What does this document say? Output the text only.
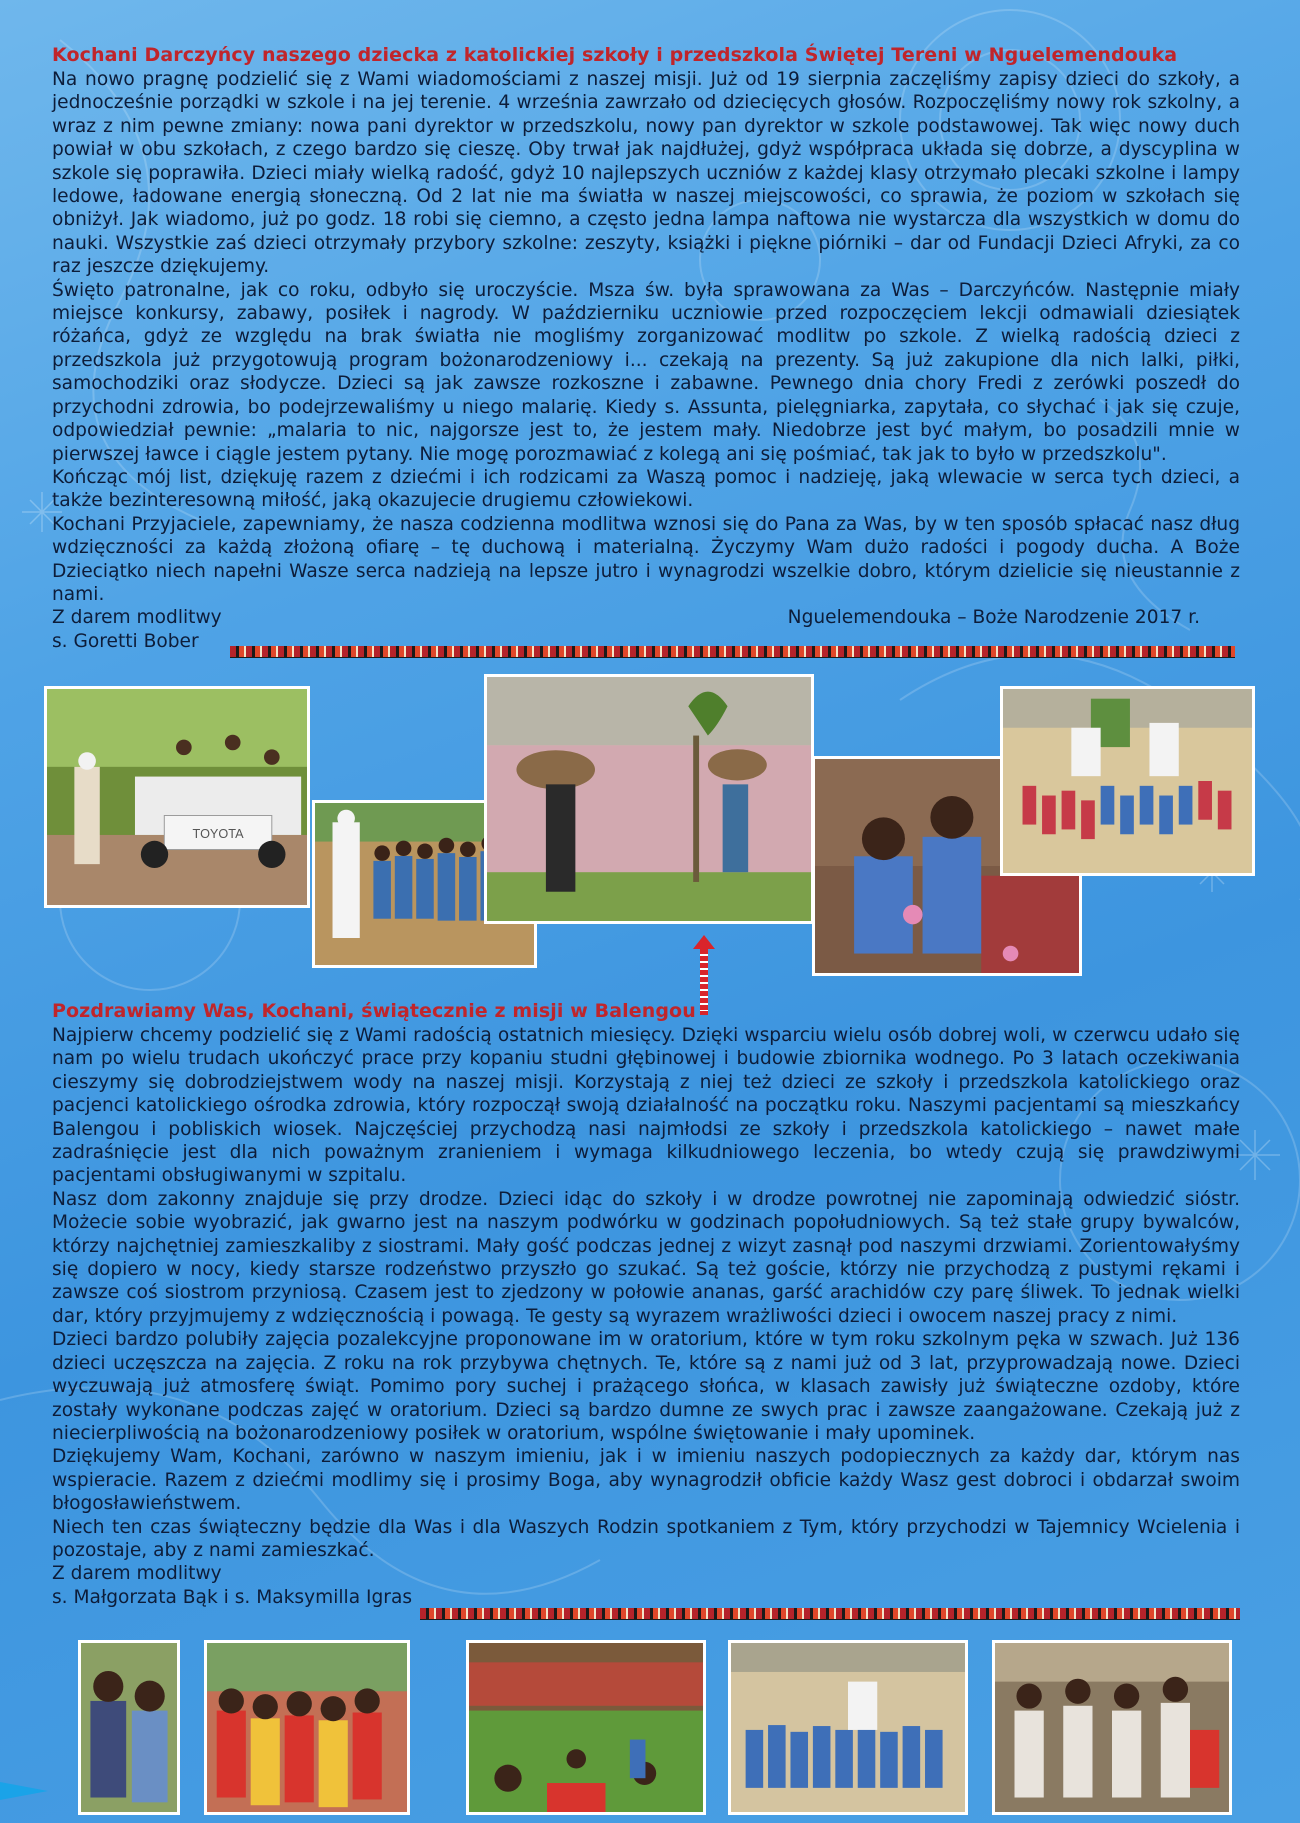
Kochani Darczyńcy naszego dziecka z katolickiej szkoły i przedszkola Świętej Tereni w Nguelemendouka

Na nowo pragnę podzielić się z Wami wiadomościami z naszej misji. Już od 19 sierpnia zaczęliśmy zapisy dzieci do szkoły, a jednocześnie porządki w szkole i na jej terenie. 4 września zawrzało od dziecięcych głosów. Rozpoczęliśmy nowy rok szkolny, a wraz z nim pewne zmiany: nowa pani dyrektor w przedszkolu, nowy pan dyrektor w szkole podstawowej. Tak więc nowy duch powiał w obu szkołach, z czego bardzo się cieszę. Oby trwał jak najdłużej, gdyż współpraca układa się dobrze, a dyscyplina w szkole się poprawiła. Dzieci miały wielką radość, gdyż 10 najlepszych uczniów z każdej klasy otrzymało plecaki szkolne i lampy ledowe, ładowane energią słoneczną. Od 2 lat nie ma światła w naszej miejscowości, co sprawia, że poziom w szkołach się obniżył. Jak wiadomo, już po godz. 18 robi się ciemno, a często jedna lampa naftowa nie wystarcza dla wszystkich w domu do nauki. Wszystkie zaś dzieci otrzymały przybory szkolne: zeszyty, książki i piękne piórniki – dar od Fundacji Dzieci Afryki, za co raz jeszcze dziękujemy.

Święto patronalne, jak co roku, odbyło się uroczyście. Msza św. była sprawowana za Was – Darczyńców. Następnie miały miejsce konkursy, zabawy, posiłek i nagrody. W październiku uczniowie przed rozpoczęciem lekcji odmawiali dziesiątek różańca, gdyż ze względu na brak światła nie mogliśmy zorganizować modlitw po szkole. Z wielką radością dzieci z przedszkola już przygotowują program bożonarodzeniowy i... czekają na prezenty. Są już zakupione dla nich lalki, piłki, samochodziki oraz słodycze. Dzieci są jak zawsze rozkoszne i zabawne. Pewnego dnia chory Fredi z zerówki poszedł do przychodni zdrowia, bo podejrzewaliśmy u niego malarię. Kiedy s. Assunta, pielęgniarka, zapytała, co słychać i jak się czuje, odpowiedział pewnie: „malaria to nic, najgorsze jest to, że jestem mały. Niedobrze jest być małym, bo posadzili mnie w pierwszej ławce i ciągle jestem pytany. Nie mogę porozmawiać z kolegą ani się pośmiać, tak jak to było w przedszkolu".

Kończąc mój list, dziękuję razem z dziećmi i ich rodzicami za Waszą pomoc i nadzieję, jaką wlewacie w serca tych dzieci, a także bezinteresowną miłość, jaką okazujecie drugiemu człowiekowi.

Kochani Przyjaciele, zapewniamy, że nasza codzienna modlitwa wznosi się do Pana za Was, by w ten sposób spłacać nasz dług wdzięczności za każdą złożoną ofiarę – tę duchową i materialną. Życzymy Wam dużo radości i pogody ducha. A Boże Dzieciątko niech napełni Wasze serca nadzieją na lepsze jutro i wynagrodzi wszelkie dobro, którym dzielicie się nieustannie z nami.

Z darem modlitwy	Nguelemendouka – Boże Narodzenie 2017 r.

s. Goretti Bober

TOYOTA
Pozdrawiamy Was, Kochani, świątecznie z misji w Balengou

Najpierw chcemy podzielić się z Wami radością ostatnich miesięcy. Dzięki wsparciu wielu osób dobrej woli, w czerwcu udało się nam po wielu trudach ukończyć prace przy kopaniu studni głębinowej i budowie zbiornika wodnego. Po 3 latach oczekiwania cieszymy się dobrodziejstwem wody na naszej misji. Korzystają z niej też dzieci ze szkoły i przedszkola katolickiego oraz pacjenci katolickiego ośrodka zdrowia, który rozpoczął swoją działalność na początku roku. Naszymi pacjentami są mieszkańcy Balengou i pobliskich wiosek. Najczęściej przychodzą nasi najmłodsi ze szkoły i przedszkola katolickiego – nawet małe zadraśnięcie jest dla nich poważnym zranieniem i wymaga kilkudniowego leczenia, bo wtedy czują się prawdziwymi pacjentami obsługiwanymi w szpitalu.

Nasz dom zakonny znajduje się przy drodze. Dzieci idąc do szkoły i w drodze powrotnej nie zapominają odwiedzić sióstr. Możecie sobie wyobrazić, jak gwarno jest na naszym podwórku w godzinach popołudniowych. Są też stałe grupy bywalców, którzy najchętniej zamieszkaliby z siostrami. Mały gość podczas jednej z wizyt zasnął pod naszymi drzwiami. Zorientowałyśmy się dopiero w nocy, kiedy starsze rodzeństwo przyszło go szukać. Są też goście, którzy nie przychodzą z pustymi rękami i zawsze coś siostrom przyniosą. Czasem jest to zjedzony w połowie ananas, garść arachidów czy parę śliwek. To jednak wielki dar, który przyjmujemy z wdzięcznością i powagą. Te gesty są wyrazem wrażliwości dzieci i owocem naszej pracy z nimi.

Dzieci bardzo polubiły zajęcia pozalekcyjne proponowane im w oratorium, które w tym roku szkolnym pęka w szwach. Już 136 dzieci uczęszcza na zajęcia. Z roku na rok przybywa chętnych. Te, które są z nami już od 3 lat, przyprowadzają nowe. Dzieci wyczuwają już atmosferę świąt. Pomimo pory suchej i prażącego słońca, w klasach zawisły już świąteczne ozdoby, które zostały wykonane podczas zajęć w oratorium. Dzieci są bardzo dumne ze swych prac i zawsze zaangażowane. Czekają już z niecierpliwością na bożonarodzeniowy posiłek w oratorium, wspólne świętowanie i mały upominek.

Dziękujemy Wam, Kochani, zarówno w naszym imieniu, jak i w imieniu naszych podopiecznych za każdy dar, którym nas wspieracie. Razem z dziećmi modlimy się i prosimy Boga, aby wynagrodził obficie każdy Wasz gest dobroci i obdarzał swoim błogosławieństwem.

Niech ten czas świąteczny będzie dla Was i dla Waszych Rodzin spotkaniem z Tym, który przychodzi w Tajemnicy Wcielenia i pozostaje, aby z nami zamieszkać.

Z darem modlitwy

s. Małgorzata Bąk i s. Maksymilla Igras
